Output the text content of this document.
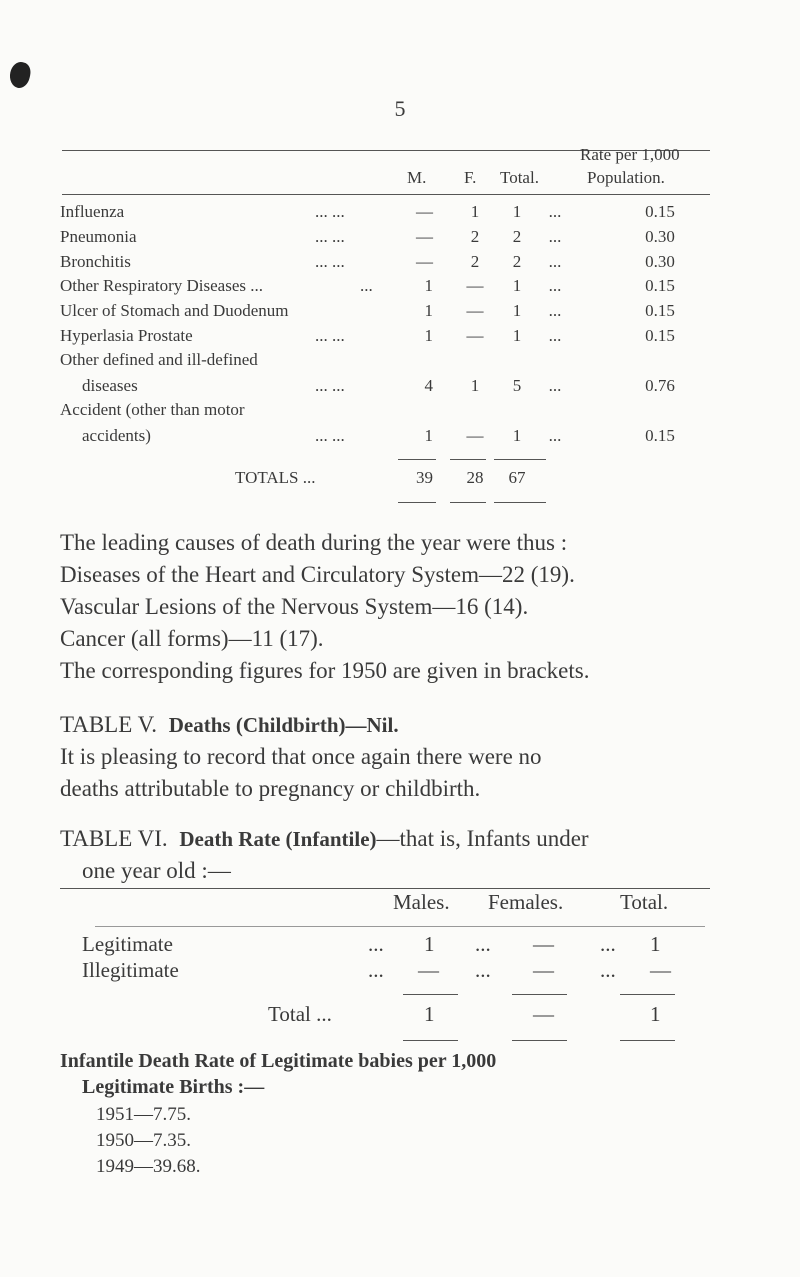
5
Rate per 1,000
M. F. Total.	Population.
Influenza	... ...	—	1	1	...	0.15
Pneumonia	... ...	—	2	2	...	0.30
Bronchitis	... ...	—	2	2	...	0.30
Other Respiratory Diseases ...	...	1	—	1	...	0.15
Ulcer of Stomach and Duodenum	1	—	1	...	0.15
Hyperlasia Prostate	... ...	1	—	1	...	0.15
Other defined and ill-defined
diseases	... ...	4	1	5	...	0.76
Accident (other than motor
accidents)	... ...	1	—	1	...	0.15
TOTALS ...	39	28	67
The leading causes of death during the year were thus :
Diseases of the Heart and Circulatory System—22 (19).
Vascular Lesions of the Nervous System—16 (14).
Cancer (all forms)—11 (17).
The corresponding figures for 1950 are given in brackets.
TABLE V. Deaths (Childbirth)—Nil.
It is pleasing to record that once again there were no
deaths attributable to pregnancy or childbirth.
TABLE VI. Death Rate (Infantile)—that is, Infants under
one year old :—
Males. Females.	Total.
Legitimate	... 1 ... — ... 1
Illegitimate	... — ... — ... —
Total ...	1	—	1
Infantile Death Rate of Legitimate babies per 1,000
Legitimate Births :—
1951—7.75.
1950—7.35.
1949—39.68.
